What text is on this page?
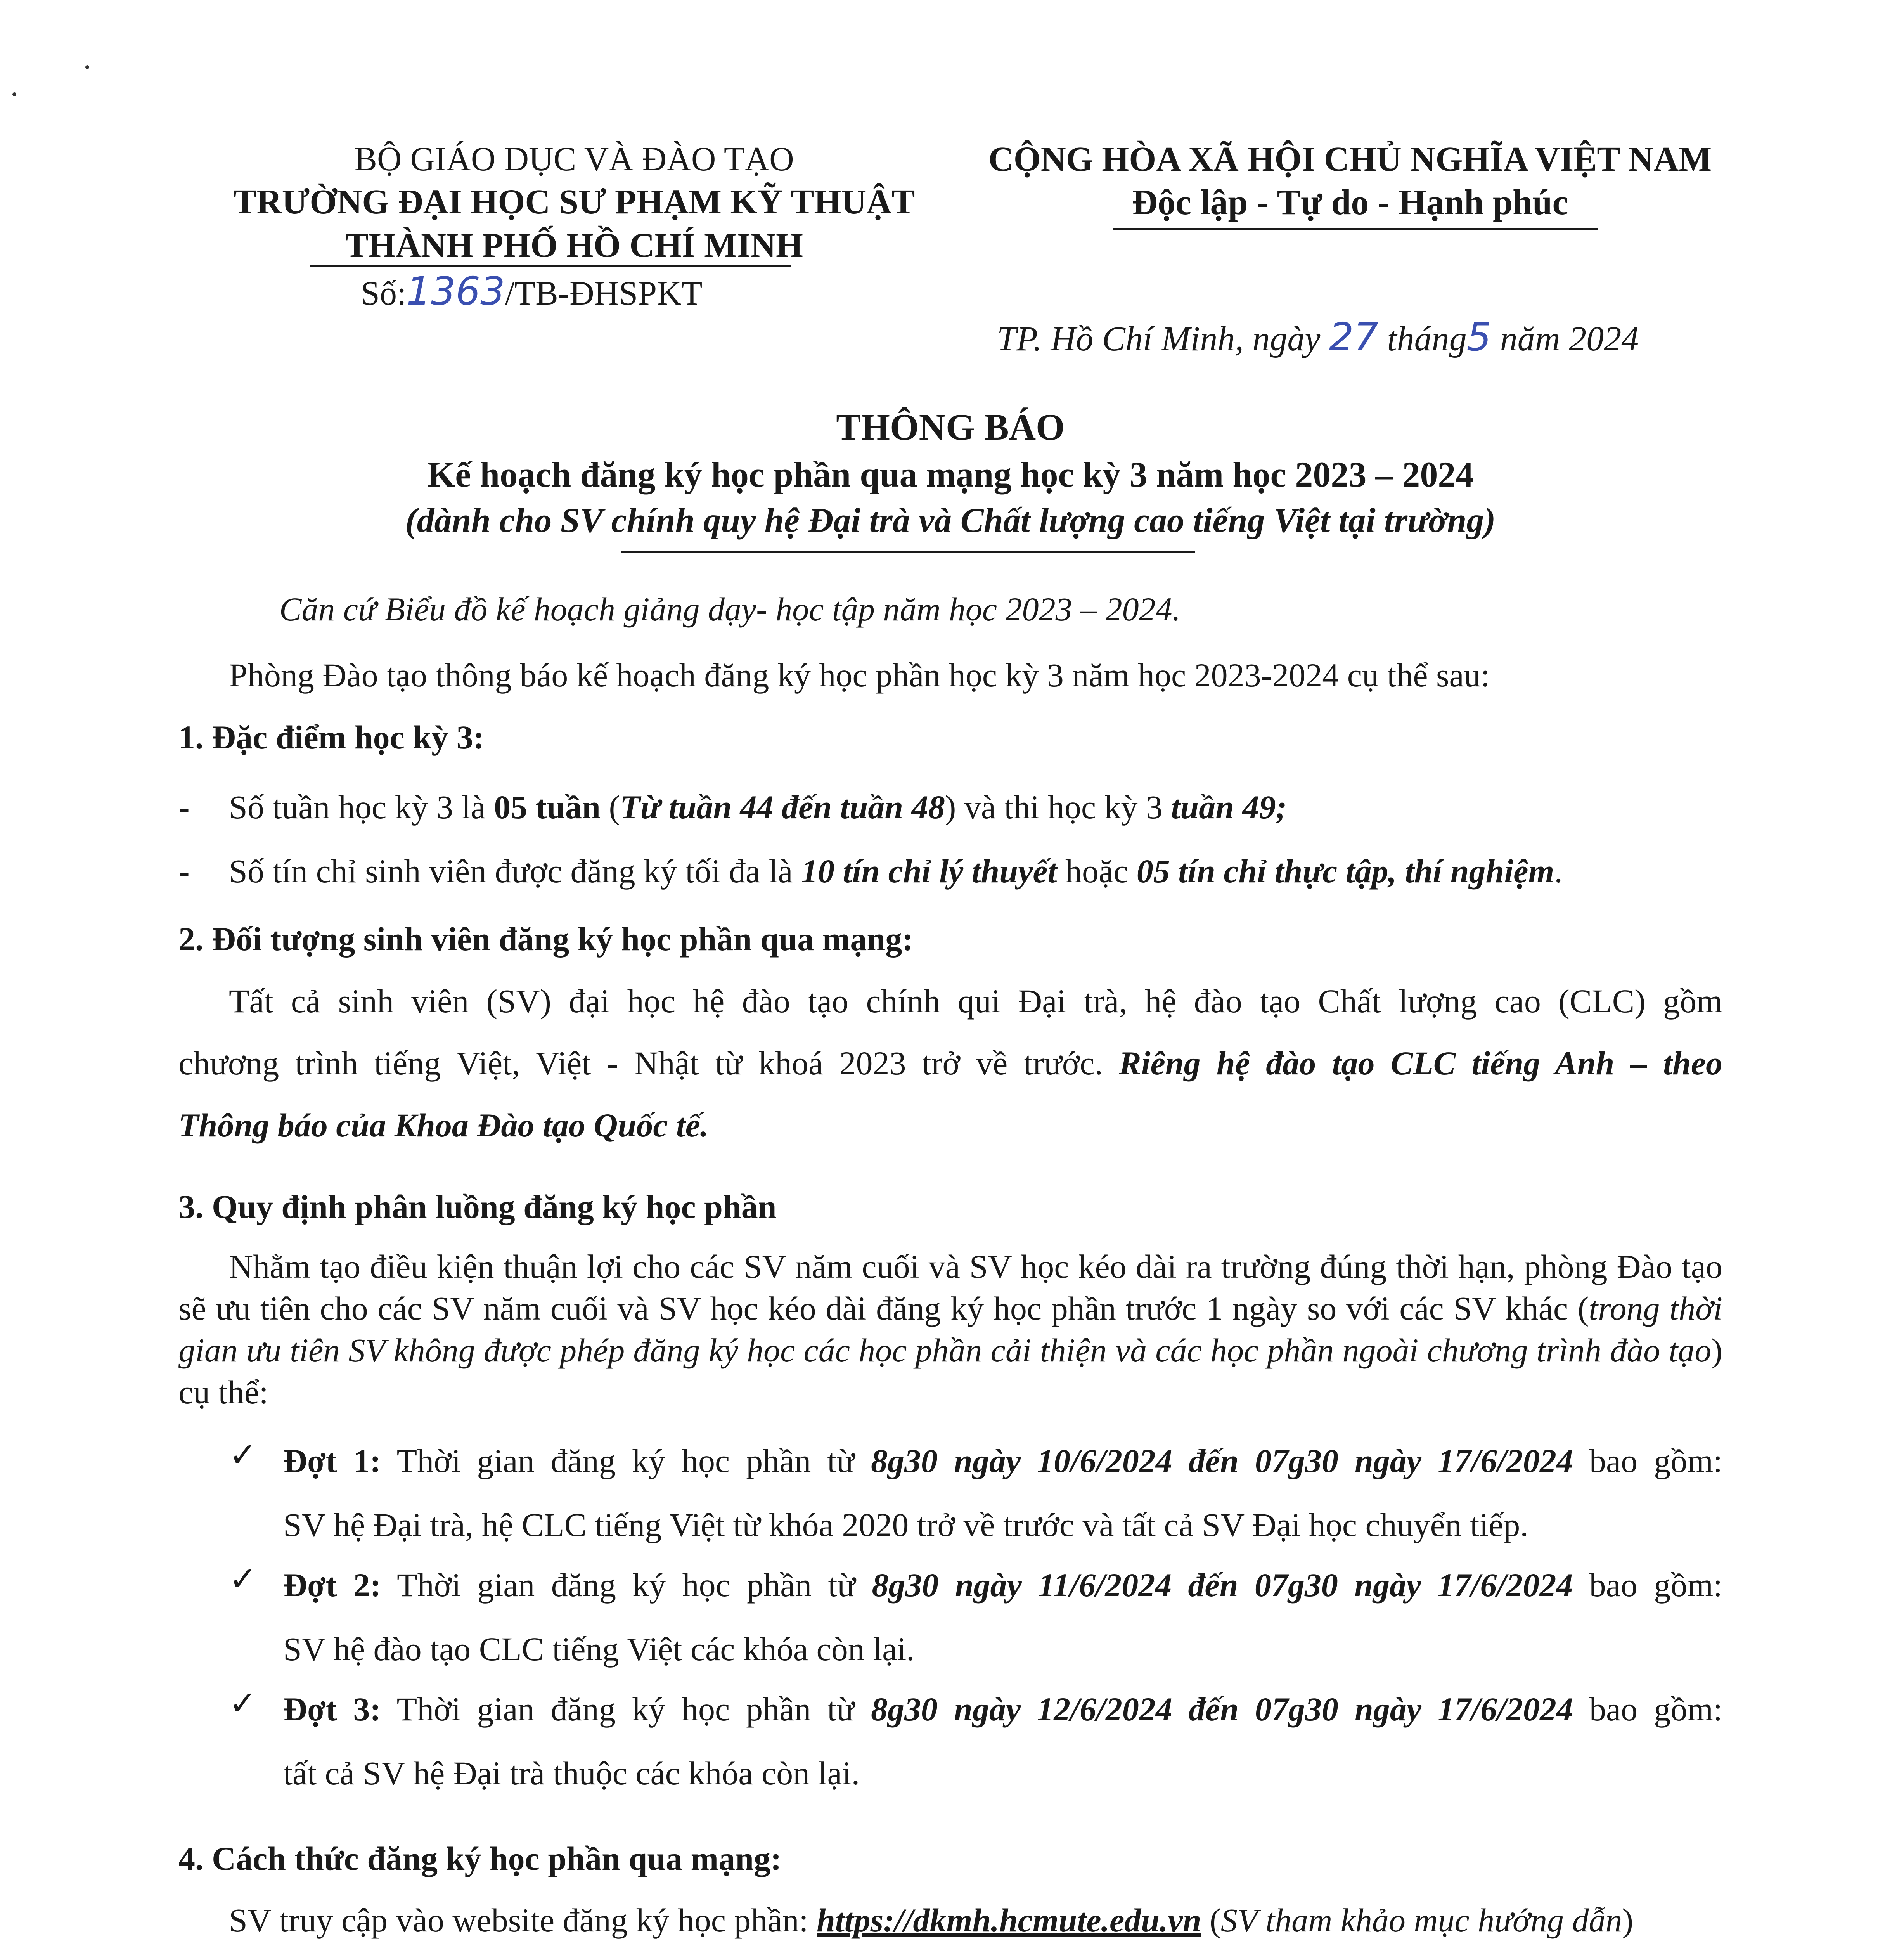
BỘ GIÁO DỤC VÀ ĐÀO TẠO
TRƯỜNG ĐẠI HỌC SƯ PHẠM KỸ THUẬT
THÀNH PHỐ HỒ CHÍ MINH
Số:1363/TB-ĐHSPKT
CỘNG HÒA XÃ HỘI CHỦ NGHĨA VIỆT NAM
Độc lập - Tự do - Hạnh phúc
TP. Hồ Chí Minh, ngày 27 tháng5 năm 2024
THÔNG BÁO
Kế hoạch đăng ký học phần qua mạng học kỳ 3 năm học 2023 – 2024
(dành cho SV chính quy hệ Đại trà và Chất lượng cao tiếng Việt tại trường)
Căn cứ Biểu đồ kế hoạch giảng dạy- học tập năm học 2023 – 2024.
Phòng Đào tạo thông báo kế hoạch đăng ký học phần học kỳ 3 năm học 2023-2024 cụ thể sau:
1. Đặc điểm học kỳ 3:
- Số tuần học kỳ 3 là 05 tuần (Từ tuần 44 đến tuần 48) và thi học kỳ 3 tuần 49;
- Số tín chỉ sinh viên được đăng ký tối đa là 10 tín chỉ lý thuyết hoặc 05 tín chỉ thực tập, thí nghiệm.
2. Đối tượng sinh viên đăng ký học phần qua mạng:
Tất cả sinh viên (SV) đại học hệ đào tạo chính qui Đại trà, hệ đào tạo Chất lượng cao (CLC) gồm
chương trình tiếng Việt, Việt - Nhật từ khoá 2023 trở về trước. Riêng hệ đào tạo CLC tiếng Anh – theo
Thông báo của Khoa Đào tạo Quốc tế.
3. Quy định phân luồng đăng ký học phần
Nhằm tạo điều kiện thuận lợi cho các SV năm cuối và SV học kéo dài ra trường đúng thời hạn, phòng Đào tạo sẽ ưu tiên cho các SV năm cuối và SV học kéo dài đăng ký học phần trước 1 ngày so với các SV khác (trong thời gian ưu tiên SV không được phép đăng ký học các học phần cải thiện và các học phần ngoài chương trình đào tạo) cụ thể:
✓ Đợt 1: Thời gian đăng ký học phần từ 8g30 ngày 10/6/2024 đến 07g30 ngày 17/6/2024 bao gồm:
SV hệ Đại trà, hệ CLC tiếng Việt từ khóa 2020 trở về trước và tất cả SV Đại học chuyển tiếp.
✓ Đợt 2: Thời gian đăng ký học phần từ 8g30 ngày 11/6/2024 đến 07g30 ngày 17/6/2024 bao gồm:
SV hệ đào tạo CLC tiếng Việt các khóa còn lại.
✓ Đợt 3: Thời gian đăng ký học phần từ 8g30 ngày 12/6/2024 đến 07g30 ngày 17/6/2024 bao gồm:
tất cả SV hệ Đại trà thuộc các khóa còn lại.
4. Cách thức đăng ký học phần qua mạng:
SV truy cập vào website đăng ký học phần: https://dkmh.hcmute.edu.vn (SV tham khảo mục hướng dẫn)
